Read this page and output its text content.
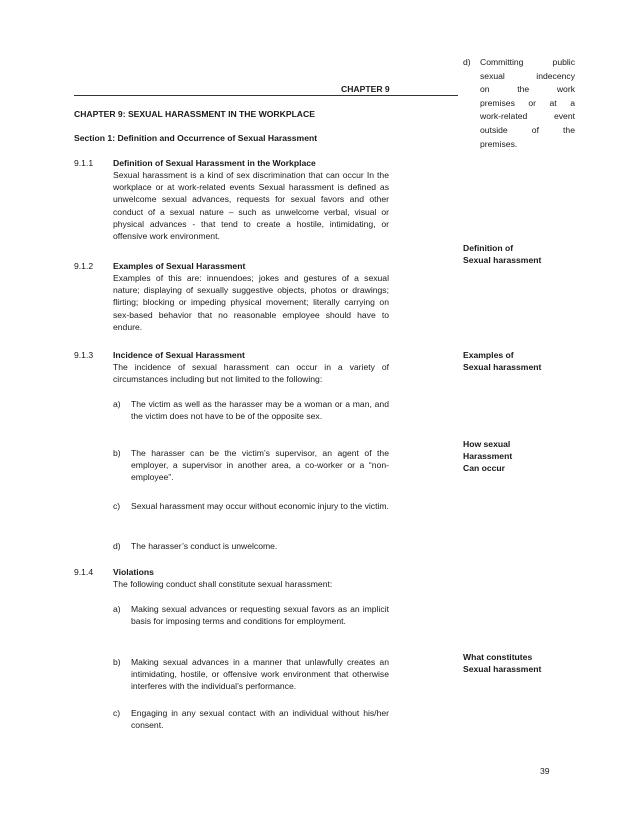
CHAPTER 9
CHAPTER 9: SEXUAL HARASSMENT IN THE WORKPLACE
Section 1: Definition and Occurrence of Sexual Harassment
d) Committing public
sexual indecency
on the work
premises or at a
work-related event
outside of the
premises.
9.1.1	Definition of Sexual Harassment in the Workplace
Sexual harassment is a kind of sex discrimination that can occur In the workplace or at work-related events Sexual harassment is defined as unwelcome sexual advances, requests for sexual favors and other conduct of a sexual nature – such as unwelcome verbal, visual or physical advances - that tend to create a hostile, intimidating, or offensive work environment.
9.1.2	Examples of Sexual Harassment
Examples of this are: innuendoes; jokes and gestures of a sexual nature; displaying of sexually suggestive objects, photos or drawings; flirting; blocking or impeding physical movement; literally carrying on sex-based behavior that no reasonable employee should have to endure.
9.1.3	Incidence of Sexual Harassment
The incidence of sexual harassment can occur in a variety of circumstances including but not limited to the following:
a)	The victim as well as the harasser may be a woman or a man, and the victim does not have to be of the opposite sex.
b)	The harasser can be the victim’s supervisor, an agent of the employer, a supervisor in another area, a co-worker or a “non-employee”.
c)	Sexual harassment may occur without economic injury to the victim.
d)	The harasser’s conduct is unwelcome.
9.1.4	Violations
The following conduct shall constitute sexual harassment:
a)	Making sexual advances or requesting sexual favors as an implicit basis for imposing terms and conditions for employment.
b)	Making sexual advances in a manner that unlawfully creates an intimidating, hostile, or offensive work environment that otherwise interferes with the individual’s performance.
c)	Engaging in any sexual contact with an individual without his/her consent.
Definition of
Sexual harassment
Examples of
Sexual harassment
How sexual
Harassment
Can occur
What constitutes
Sexual harassment
39
